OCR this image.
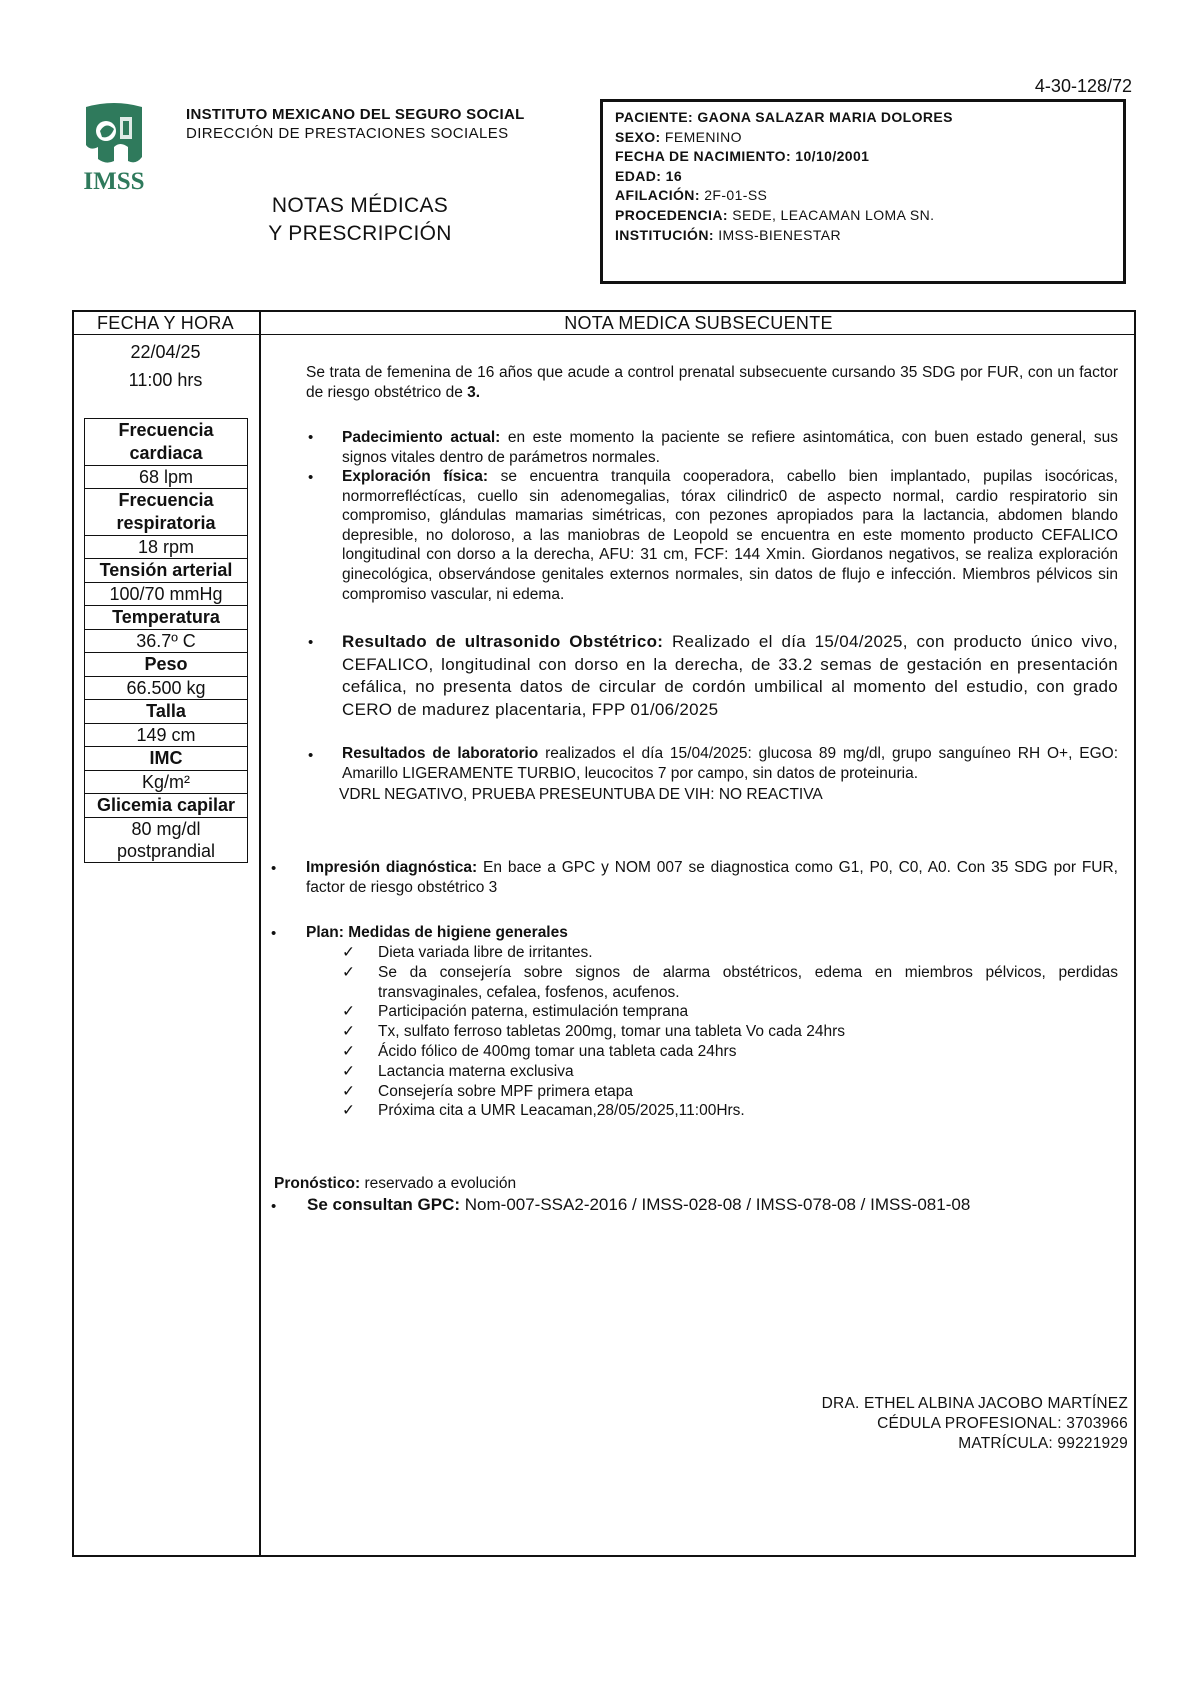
4-30-128/72
IMSS
INSTITUTO MEXICANO DEL SEGURO SOCIAL
DIRECCIÓN DE PRESTACIONES SOCIALES
NOTAS MÉDICAS
Y PRESCRIPCIÓN
PACIENTE: GAONA SALAZAR MARIA DOLORES
SEXO: FEMENINO
FECHA DE NACIMIENTO: 10/10/2001
EDAD: 16
AFILACIÓN: 2F-01-SS
PROCEDENCIA: SEDE, LEACAMAN LOMA SN.
INSTITUCIÓN: IMSS-BIENESTAR
FECHA Y HORA	NOTA MEDICA SUBSECUENTE
22/04/25
11:00 hrs
Frecuencia cardiaca
68 lpm
Frecuencia respiratoria
18 rpm
Tensión arterial
100/70 mmHg
Temperatura
36.7º C
Peso
66.500 kg
Talla
149 cm
IMC
Kg/m²
Glicemia capilar
80 mg/dl postprandial
Se trata de femenina de 16 años que acude a control prenatal subsecuente cursando 35 SDG por FUR, con un factor de riesgo obstétrico de 3.
• Padecimiento actual: en este momento la paciente se refiere asintomática, con buen estado general, sus signos vitales dentro de parámetros normales.
• Exploración física: se encuentra tranquila cooperadora, cabello bien implantado, pupilas isocóricas, normorrefléctícas, cuello sin adenomegalias, tórax cilindric0 de aspecto normal, cardio respiratorio sin compromiso, glándulas mamarias simétricas, con pezones apropiados para la lactancia, abdomen blando depresible, no doloroso, a las maniobras de Leopold se encuentra en este momento producto CEFALICO longitudinal con dorso a la derecha, AFU: 31 cm, FCF: 144 Xmin. Giordanos negativos, se realiza exploración ginecológica, observándose genitales externos normales, sin datos de flujo e infección. Miembros pélvicos sin compromiso vascular, ni edema.
• Resultado de ultrasonido Obstétrico: Realizado el día 15/04/2025, con producto único vivo, CEFALICO, longitudinal con dorso en la derecha, de 33.2 semas de gestación en presentación cefálica, no presenta datos de circular de cordón umbilical al momento del estudio, con grado CERO de madurez placentaria, FPP 01/06/2025
• Resultados de laboratorio realizados el día 15/04/2025: glucosa 89 mg/dl, grupo sanguíneo RH O+, EGO: Amarillo LIGERAMENTE TURBIO, leucocitos 7 por campo, sin datos de proteinuria.
VDRL NEGATIVO, PRUEBA PRESEUNTUBA DE VIH: NO REACTIVA
• Impresión diagnóstica: En bace a GPC y NOM 007 se diagnostica como G1, P0, C0, A0. Con 35 SDG por FUR, factor de riesgo obstétrico 3
• Plan: Medidas de higiene generales
✓ Dieta variada libre de irritantes.
✓ Se da consejería sobre signos de alarma obstétricos, edema en miembros pélvicos, perdidas transvaginales, cefalea, fosfenos, acufenos.
✓ Participación paterna, estimulación temprana
✓ Tx, sulfato ferroso tabletas 200mg, tomar una tableta Vo cada 24hrs
✓ Ácido fólico de 400mg tomar una tableta cada 24hrs
✓ Lactancia materna exclusiva
✓ Consejería sobre MPF primera etapa
✓ Próxima cita a UMR Leacaman,28/05/2025,11:00Hrs.
Pronóstico: reservado a evolución
• Se consultan GPC: Nom-007-SSA2-2016 / IMSS-028-08 / IMSS-078-08 / IMSS-081-08
DRA. ETHEL ALBINA JACOBO MARTÍNEZ
CÉDULA PROFESIONAL: 3703966
MATRÍCULA: 99221929
